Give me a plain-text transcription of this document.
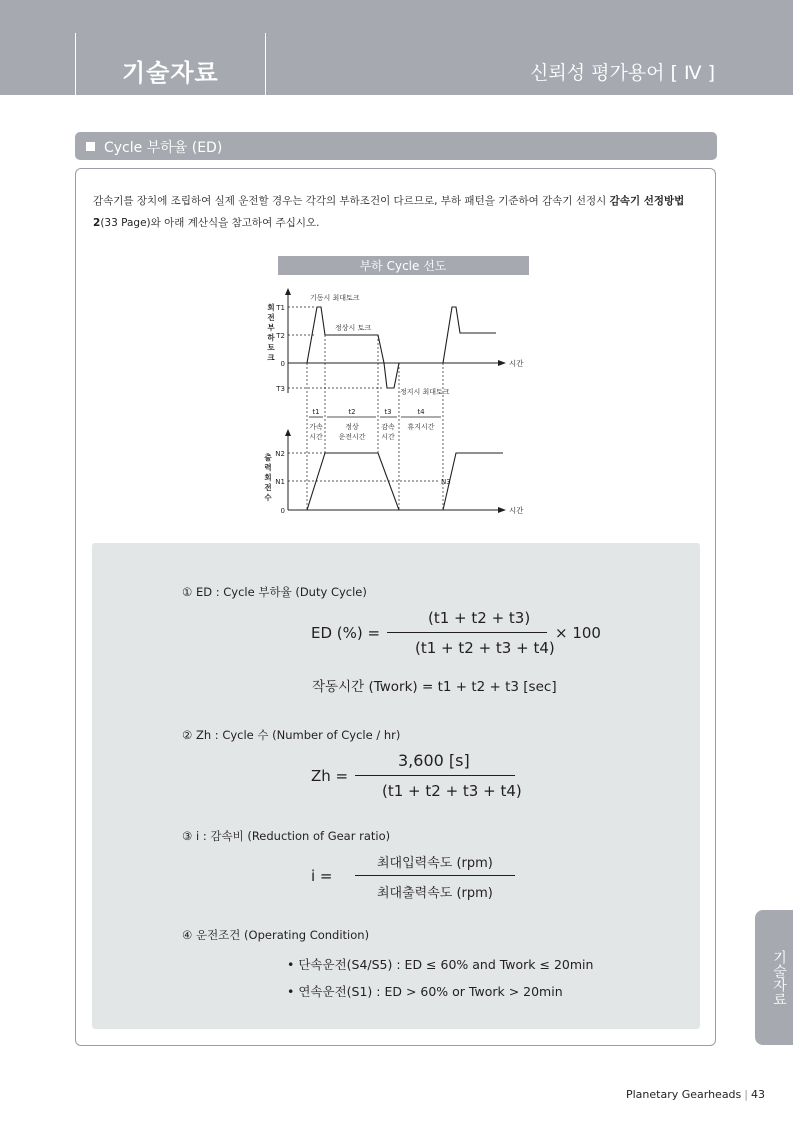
기술자료	신뢰성 평가용어 [ Ⅳ ]
Cycle 부하율 (ED)
감속기를 장치에 조립하여 실제 운전할 경우는 각각의 부하조건이 다르므로, 부하 패턴을 기준하여 감속기 선정시 감속기 선정방법2(33 Page)와 아래 계산식을 참고하여 주십시오.
부하 Cycle 선도
회
전
부
하
토
크
시간
T1
T2
0
T3
기동시 최대토크
정상시 토크
정지시 최대토크
t1	t2	t3	t4
가속
시간
정상
운전시간
감속
시간
휴지시간
출
력
회
전
수
시간
N2
N1
0
N3
① ED : Cycle 부하율 (Duty Cycle)
ED (%) =
(t1 + t2 + t3)
(t1 + t2 + t3 + t4)
× 100
작동시간 (Twork) = t1 + t2 + t3 [sec]
② Zh : Cycle 수 (Number of Cycle / hr)
Zh =
3,600 [s]
(t1 + t2 + t3 + t4)
③ i : 감속비 (Reduction of Gear ratio)
i =
최대입력속도 (rpm)
최대출력속도 (rpm)
④ 운전조건 (Operating Condition)
• 단속운전(S4/S5) : ED ≤ 60% and Twork ≤ 20min
• 연속운전(S1) : ED > 60% or Twork > 20min	기술자료
Planetary Gearheads | 43
